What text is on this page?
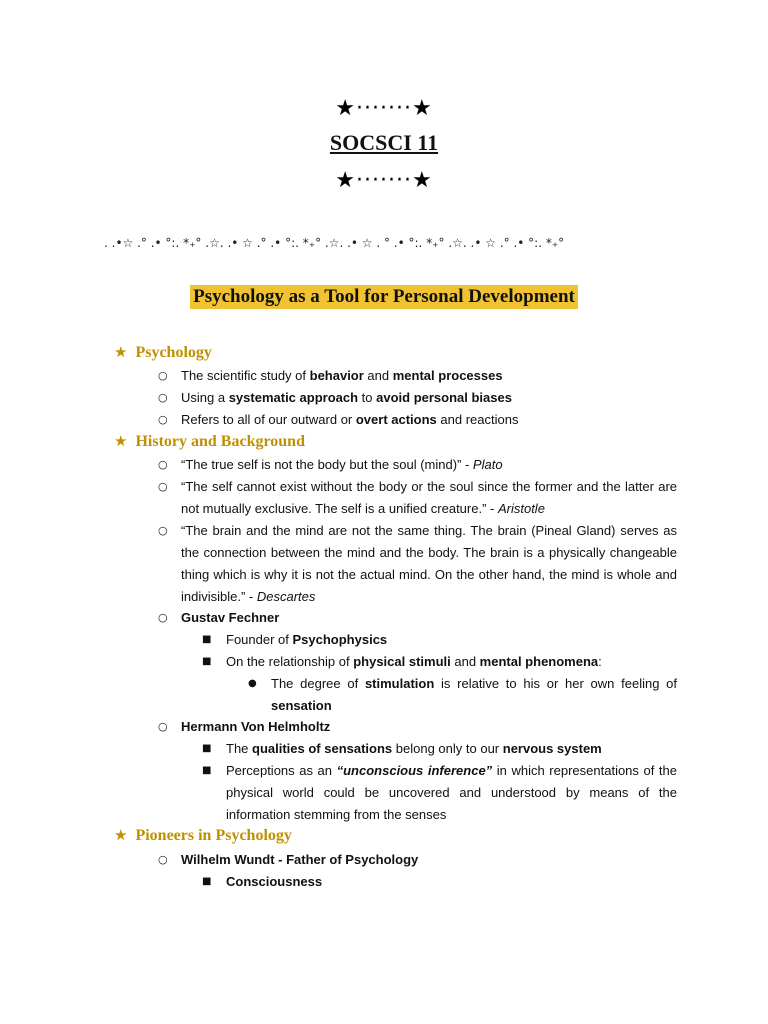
★·······★
SOCSCI 11
★·······★
. .•☆ .° .• °:. *₊° .☆. .• ☆ .° .• °:. *₊° .☆. .• ☆ . ° .• °:. *₊° .☆. .• ☆ .° .• °:. *₊°
Psychology as a Tool for Personal Development
★ Psychology
○ The scientific study of behavior and mental processes
○ Using a systematic approach to avoid personal biases
○ Refers to all of our outward or overt actions and reactions
★ History and Background
○ “The true self is not the body but the soul (mind)” - Plato
○ “The self cannot exist without the body or the soul since the former and the latter are not mutually exclusive. The self is a unified creature.” - Aristotle
○ “The brain and the mind are not the same thing. The brain (Pineal Gland) serves as the connection between the mind and the body. The brain is a physically changeable thing which is why it is not the actual mind. On the other hand, the mind is whole and indivisible.” - Descartes
○ Gustav Fechner
■ Founder of Psychophysics
■ On the relationship of physical stimuli and mental phenomena:
● The degree of stimulation is relative to his or her own feeling of sensation
○ Hermann Von Helmholtz
■ The qualities of sensations belong only to our nervous system
■ Perceptions as an “unconscious inference” in which representations of the physical world could be uncovered and understood by means of the information stemming from the senses
★ Pioneers in Psychology
○ Wilhelm Wundt - Father of Psychology
■ Consciousness
